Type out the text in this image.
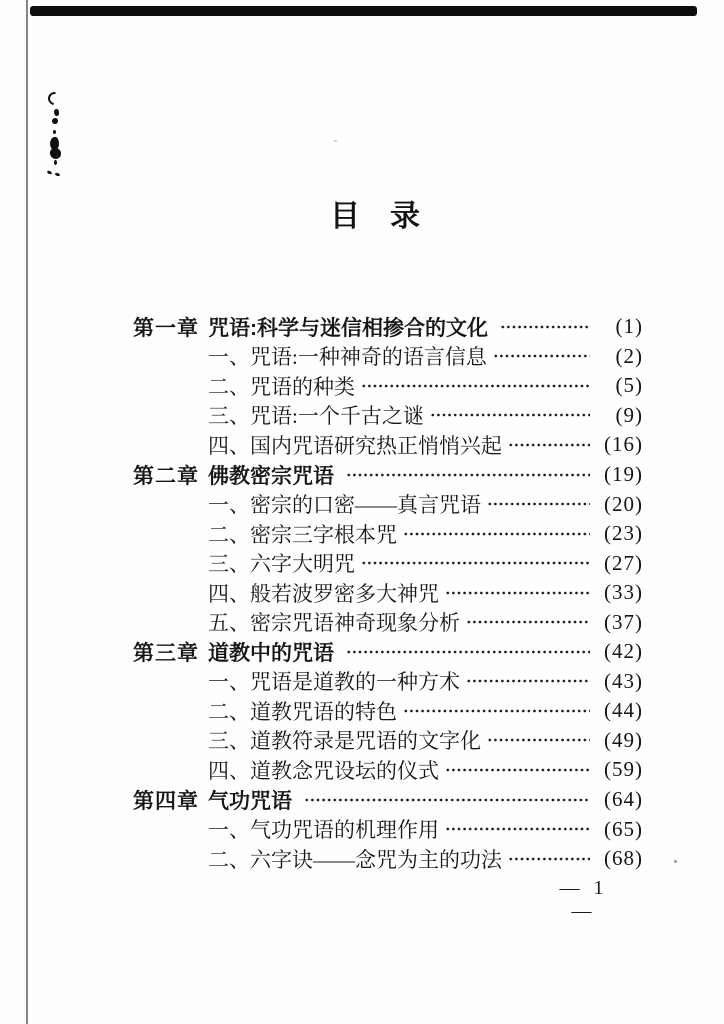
目　录
第一章 咒语:科学与迷信相掺合的文化	(1)
一、咒语:一种神奇的语言信息	(2)
二、咒语的种类	(5)
三、咒语:一个千古之谜	(9)
四、国内咒语研究热正悄悄兴起	(16)
第二章 佛教密宗咒语	(19)
一、密宗的口密——真言咒语	(20)
二、密宗三字根本咒	(23)
三、六字大明咒	(27)
四、般若波罗密多大神咒	(33)
五、密宗咒语神奇现象分析	(37)
第三章 道教中的咒语	(42)
一、咒语是道教的一种方术	(43)
二、道教咒语的特色	(44)
三、道教符录是咒语的文字化	(49)
四、道教念咒设坛的仪式	(59)
第四章 气功咒语	(64)
一、气功咒语的机理作用	(65)
二、六字诀——念咒为主的功法	(68)
— 1 —
